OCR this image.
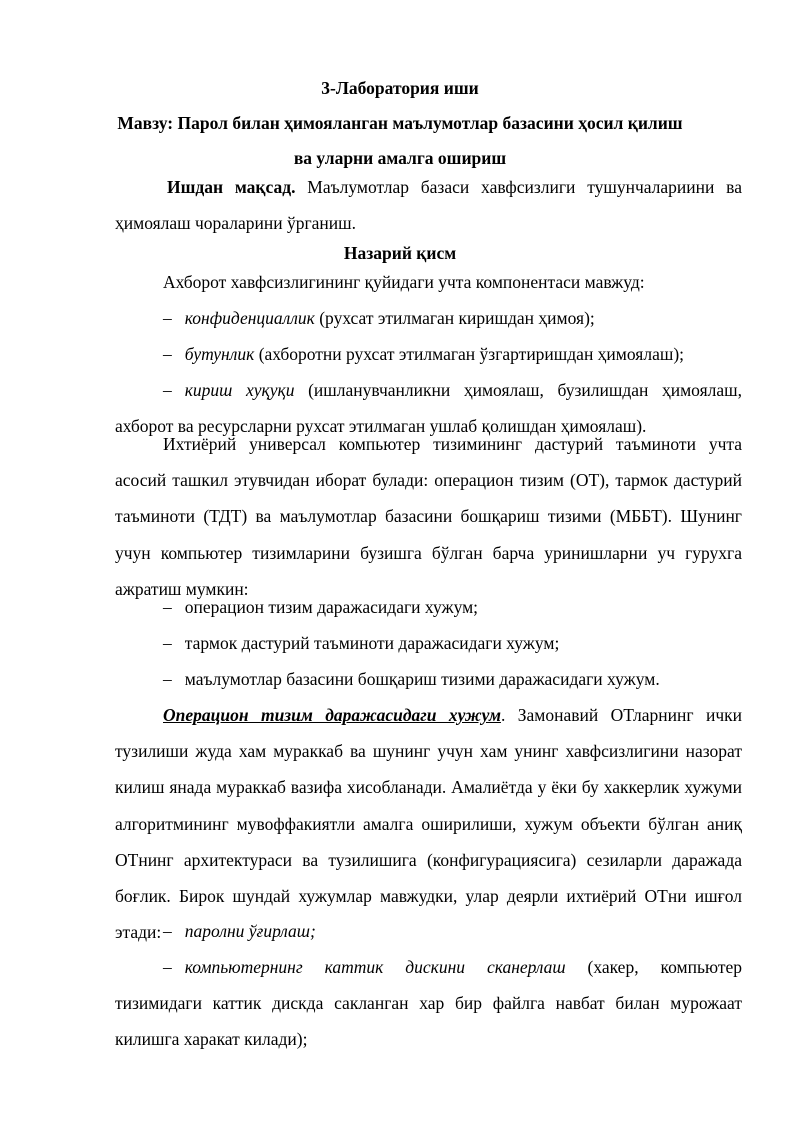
3-Лаборатория иши
Мавзу: Парол билан ҳимояланган маълумотлар базасини ҳосил қилиш
ва уларни амалга ошириш

Ишдан мақсад. Маълумотлар базаси хавфсизлиги тушунчалариини ва ҳимоялаш чораларини ўрганиш.

Назарий қисм

Ахборот хавфсизлигининг қуйидаги учта компонентаси мавжуд:

– конфиденциаллик (рухсат этилмаган киришдан ҳимоя);

– бутунлик (ахборотни рухсат этилмаган ўзгартиришдан ҳимоялаш);

– кириш хуқуқи (ишланувчанликни ҳимоялаш, бузилишдан ҳимоялаш, ахборот ва ресурсларни рухсат этилмаган ушлаб қолишдан ҳимоялаш).

Ихтиёрий универсал компьютер тизимининг дастурий таъминоти учта асосий ташкил этувчидан иборат булади: операцион тизим (ОТ), тармок дастурий таъминоти (ТДТ) ва маълумотлар базасини бошқариш тизими (МББТ). Шунинг учун компьютер тизимларини бузишга бўлган барча уринишларни уч гурухга ажратиш мумкин:

– операцион тизим даражасидаги хужум;

– тармок дастурий таъминоти даражасидаги хужум;

– маълумотлар базасини бошқариш тизими даражасидаги хужум.

Операцион тизим даражасидаги хужум. Замонавий ОТларнинг ички тузилиши жуда хам мураккаб ва шунинг учун хам унинг хавфсизлигини назорат килиш янада мураккаб вазифа хисобланади. Амалиётда у ёки бу хаккерлик хужуми алгоритмининг мувоффакиятли амалга оширилиши, хужум объекти бўлган аниқ ОТнинг архитектураси ва тузилишига (конфигурациясига) сезиларли даражада боғлик. Бирок шундай хужумлар мавжудки, улар деярли ихтиёрий ОТни ишғол этади: – паролни ўғирлаш;

– компьютернинг каттик дискини сканерлаш (хакер, компьютер тизимидаги каттик дискда сакланган хар бир файлга навбат билан мурожаат килишга харакат килади);
